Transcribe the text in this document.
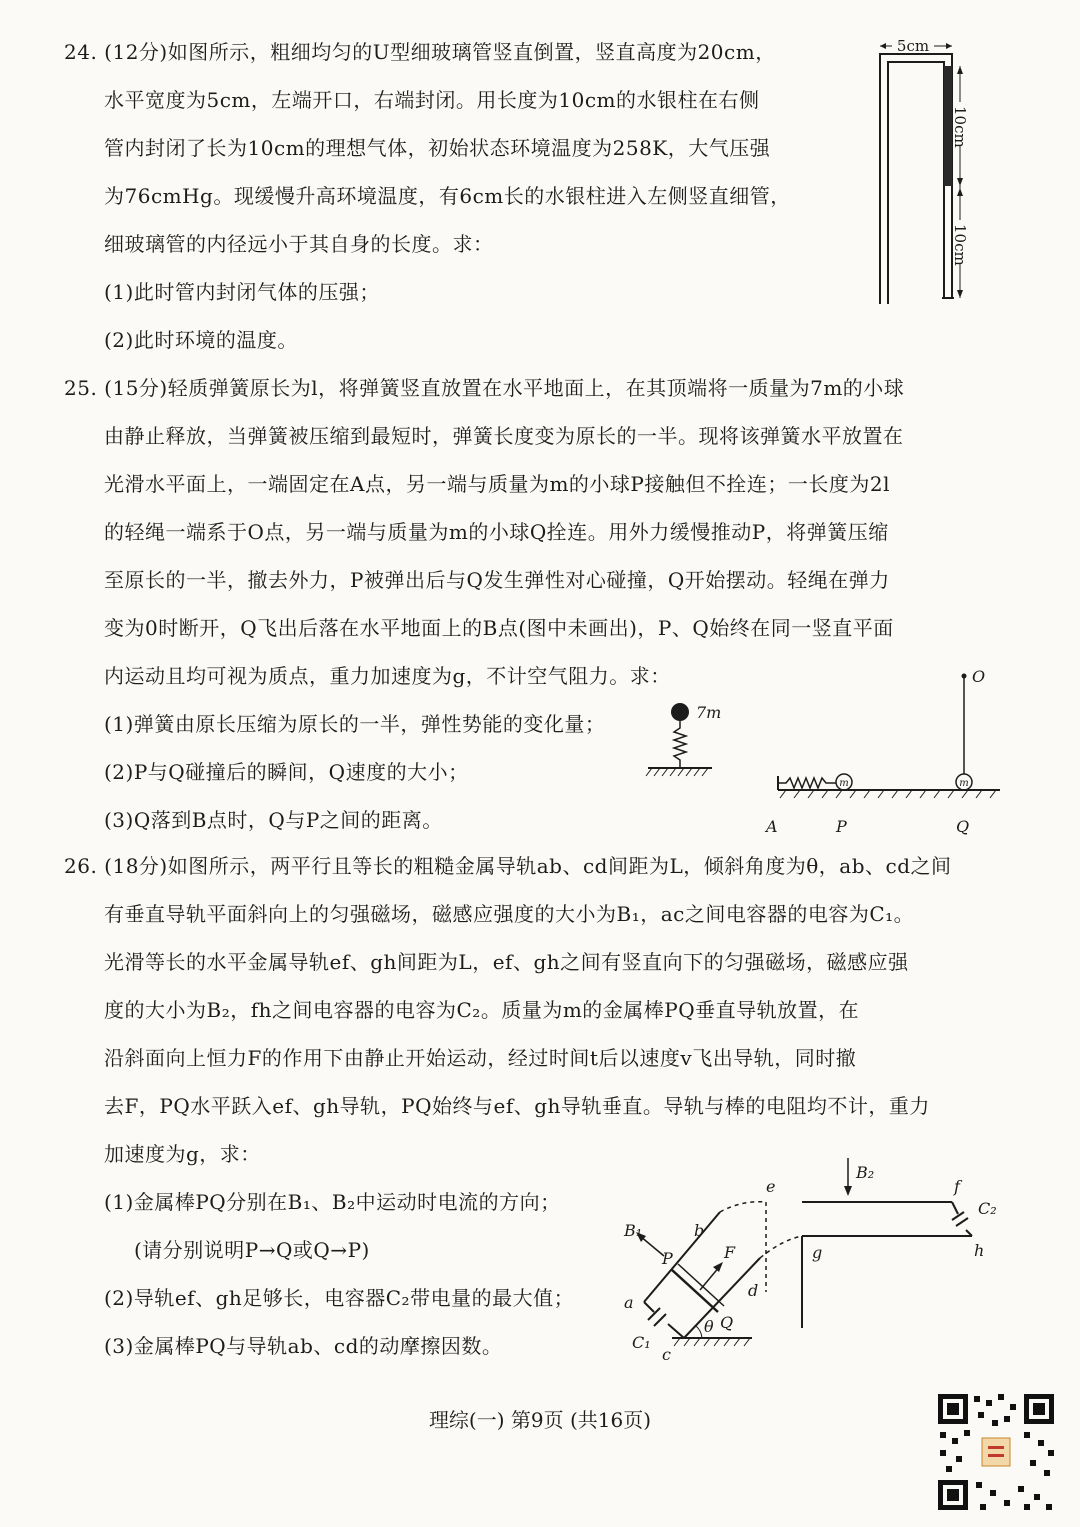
24. (12分)如图所示，粗细均匀的U型细玻璃管竖直倒置，竖直高度为20cm，
水平宽度为5cm，左端开口，右端封闭。用长度为10cm的水银柱在右侧
管内封闭了长为10cm的理想气体，初始状态环境温度为258K，大气压强
为76cmHg。现缓慢升高环境温度，有6cm长的水银柱进入左侧竖直细管，
细玻璃管的内径远小于其自身的长度。求：
(1)此时管内封闭气体的压强；
(2)此时环境的温度。
5cm
10cm
10cm
25. (15分)轻质弹簧原长为l，将弹簧竖直放置在水平地面上，在其顶端将一质量为7m的小球
由静止释放，当弹簧被压缩到最短时，弹簧长度变为原长的一半。现将该弹簧水平放置在
光滑水平面上，一端固定在A点，另一端与质量为m的小球P接触但不拴连；一长度为2l
的轻绳一端系于O点，另一端与质量为m的小球Q拴连。用外力缓慢推动P，将弹簧压缩
至原长的一半，撤去外力，P被弹出后与Q发生弹性对心碰撞，Q开始摆动。轻绳在弹力
变为0时断开，Q飞出后落在水平地面上的B点(图中未画出)，P、Q始终在同一竖直平面
内运动且均可视为质点，重力加速度为g，不计空气阻力。求：
(1)弹簧由原长压缩为原长的一半，弹性势能的变化量；
(2)P与Q碰撞后的瞬间，Q速度的大小；
(3)Q落到B点时，Q与P之间的距离。
7m
m	m
O
A	P	Q
26. (18分)如图所示，两平行且等长的粗糙金属导轨ab、cd间距为L，倾斜角度为θ，ab、cd之间
有垂直导轨平面斜向上的匀强磁场，磁感应强度的大小为B₁，ac之间电容器的电容为C₁。
光滑等长的水平金属导轨ef、gh间距为L，ef、gh之间有竖直向下的匀强磁场，磁感应强
度的大小为B₂，fh之间电容器的电容为C₂。质量为m的金属棒PQ垂直导轨放置，在
沿斜面向上恒力F的作用下由静止开始运动，经过时间t后以速度v飞出导轨，同时撤
去F，PQ水平跃入ef、gh导轨，PQ始终与ef、gh导轨垂直。导轨与棒的电阻均不计，重力
加速度为g，求：
(1)金属棒PQ分别在B₁、B₂中运动时电流的方向；
(请分别说明P→Q或Q→P)
(2)导轨ef、gh足够长，电容器C₂带电量的最大值；
(3)金属棒PQ与导轨ab、cd的动摩擦因数。
B₂
C₂
e	f
g	h
C₁
a
b
c
d
P
Q
F
B₁
θ
理综(一) 第9页 (共16页)
